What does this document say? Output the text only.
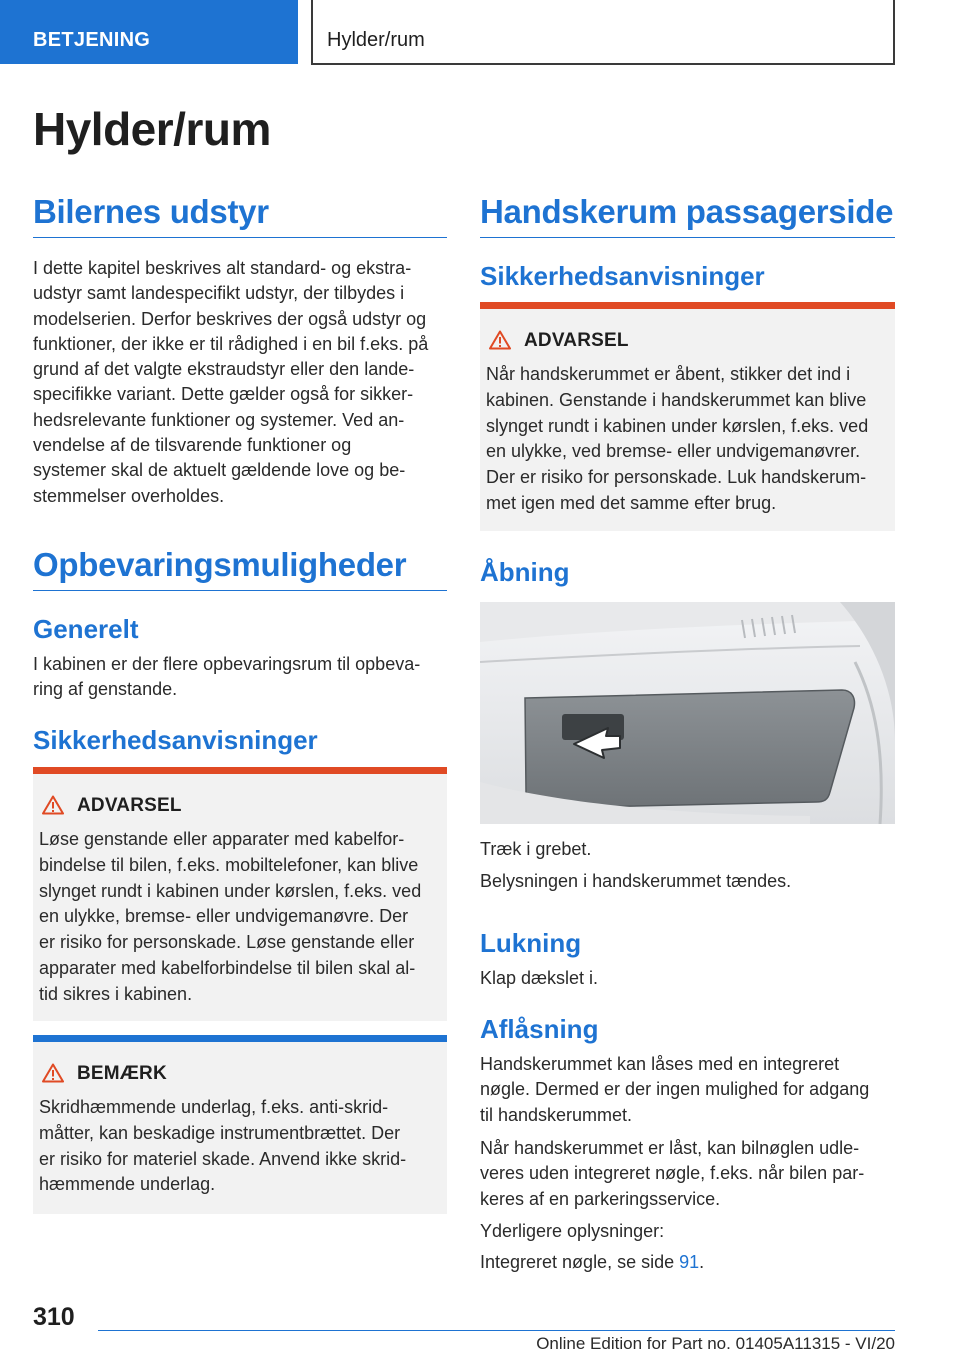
BETJENING	Hylder/rum
Hylder/rum
Bilernes udstyr
I dette kapitel beskrives alt standard- og ekstra-
udstyr samt landespecifikt udstyr, der tilbydes i
modelserien. Derfor beskrives der også udstyr og
funktioner, der ikke er til rådighed i en bil f.eks. på
grund af det valgte ekstraudstyr eller den lande-
specifikke variant. Dette gælder også for sikker-
hedsrelevante funktioner og systemer. Ved an-
vendelse af de tilsvarende funktioner og
systemer skal de aktuelt gældende love og be-
stemmelser overholdes.
Opbevaringsmuligheder
Generelt
I kabinen er der flere opbevaringsrum til opbeva-
ring af genstande.
Sikkerhedsanvisninger
ADVARSEL
Løse genstande eller apparater med kabelfor-
bindelse til bilen, f.eks. mobiltelefoner, kan blive
slynget rundt i kabinen under kørslen, f.eks. ved
en ulykke, bremse- eller undvigemanøvre. Der
er risiko for personskade. Løse genstande eller
apparater med kabelforbindelse til bilen skal al-
tid sikres i kabinen.
BEMÆRK
Skridhæmmende underlag, f.eks. anti-skrid-
måtter, kan beskadige instrumentbrættet. Der
er risiko for materiel skade. Anvend ikke skrid-
hæmmende underlag.
Handskerum passagerside
Sikkerhedsanvisninger
ADVARSEL
Når handskerummet er åbent, stikker det ind i
kabinen. Genstande i handskerummet kan blive
slynget rundt i kabinen under kørslen, f.eks. ved
en ulykke, ved bremse- eller undvigemanøvrer.
Der er risiko for personskade. Luk handskerum-
met igen med det samme efter brug.
Åbning
Træk i grebet.
Belysningen i handskerummet tændes.
Lukning
Klap dækslet i.
Aflåsning
Handskerummet kan låses med en integreret
nøgle. Dermed er der ingen mulighed for adgang
til handskerummet.
Når handskerummet er låst, kan bilnøglen udle-
veres uden integreret nøgle, f.eks. når bilen par-
keres af en parkeringsservice.
Yderligere oplysninger:
Integreret nøgle, se side 91.
310
Online Edition for Part no. 01405A11315 - VI/20
